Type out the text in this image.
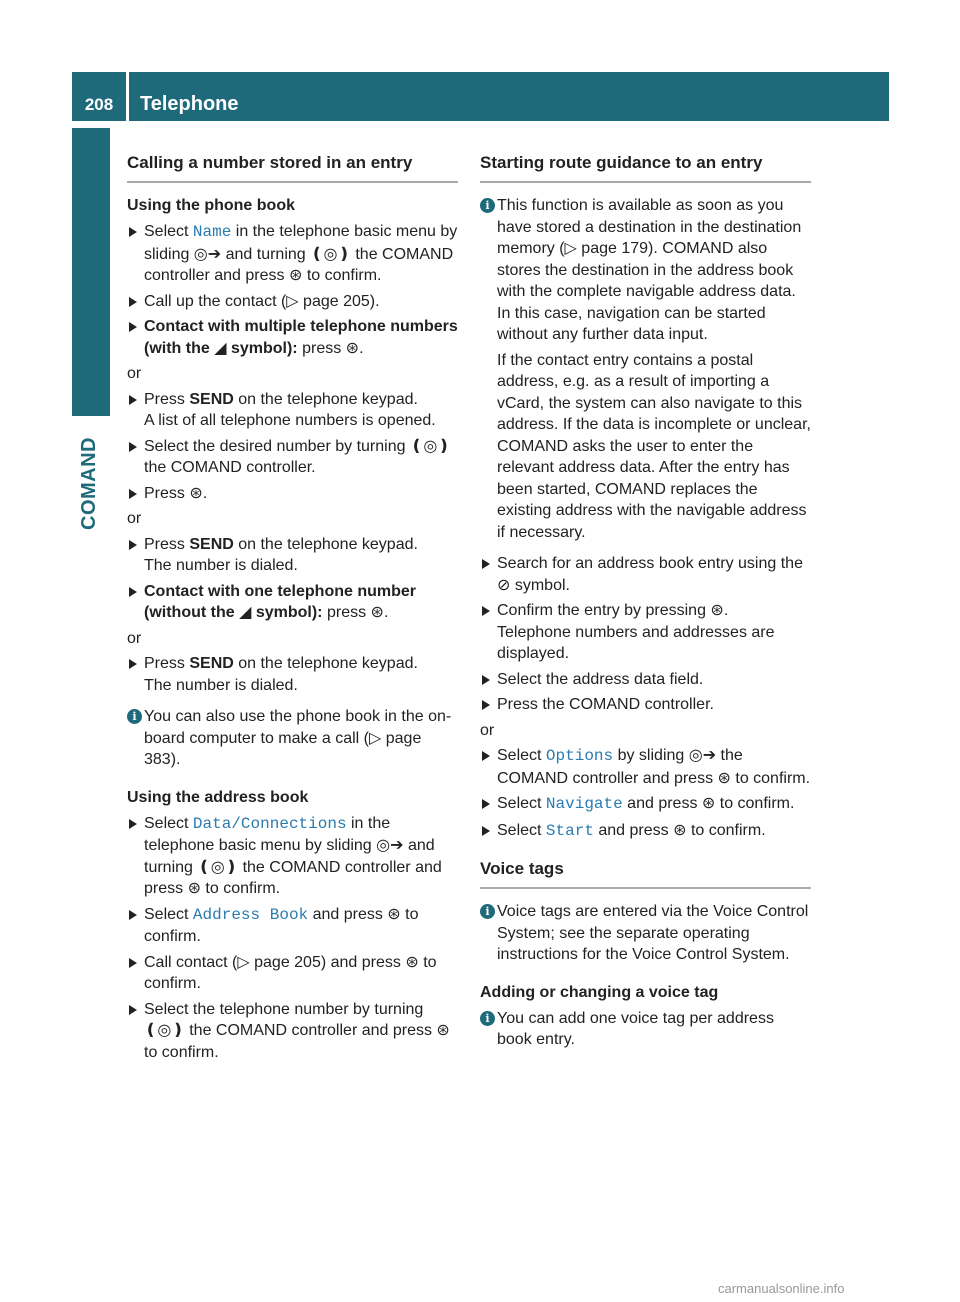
208	Telephone
COMAND
Calling a number stored in an entry
Using the phone book
Select Name in the telephone basic menu by sliding ◎➔ and turning ❪◎❫ the COMAND controller and press ⊛ to confirm.
Call up the contact (▷ page 205).
Contact with multiple telephone numbers (with the ◢ symbol): press ⊛.
or
Press SEND on the telephone keypad.
A list of all telephone numbers is opened.
Select the desired number by turning ❪◎❫ the COMAND controller.
Press ⊛.
or
Press SEND on the telephone keypad.
The number is dialed.
Contact with one telephone number (without the ◢ symbol): press ⊛.
or
Press SEND on the telephone keypad.
The number is dialed.
i You can also use the phone book in the on-board computer to make a call (▷ page 383).
Using the address book
Select Data/Connections in the telephone basic menu by sliding ◎➔ and turning ❪◎❫ the COMAND controller and press ⊛ to confirm.
Select Address Book and press ⊛ to confirm.
Call contact (▷ page 205) and press ⊛ to confirm.
Select the telephone number by turning ❪◎❫ the COMAND controller and press ⊛ to confirm.
Starting route guidance to an entry
i This function is available as soon as you have stored a destination in the destination memory (▷ page 179). COMAND also stores the destination in the address book with the complete navigable address data. In this case, navigation can be started without any further data input.
If the contact entry contains a postal address, e.g. as a result of importing a vCard, the system can also navigate to this address. If the data is incomplete or unclear, COMAND asks the user to enter the relevant address data. After the entry has been started, COMAND replaces the existing address with the navigable address if necessary.
Search for an address book entry using the ⊘ symbol.
Confirm the entry by pressing ⊛.
Telephone numbers and addresses are displayed.
Select the address data field.
Press the COMAND controller.
or
Select Options by sliding ◎➔ the COMAND controller and press ⊛ to confirm.
Select Navigate and press ⊛ to confirm.
Select Start and press ⊛ to confirm.
Voice tags
i Voice tags are entered via the Voice Control System; see the separate operating instructions for the Voice Control System.
Adding or changing a voice tag
i You can add one voice tag per address book entry.
carmanualsonline.info
